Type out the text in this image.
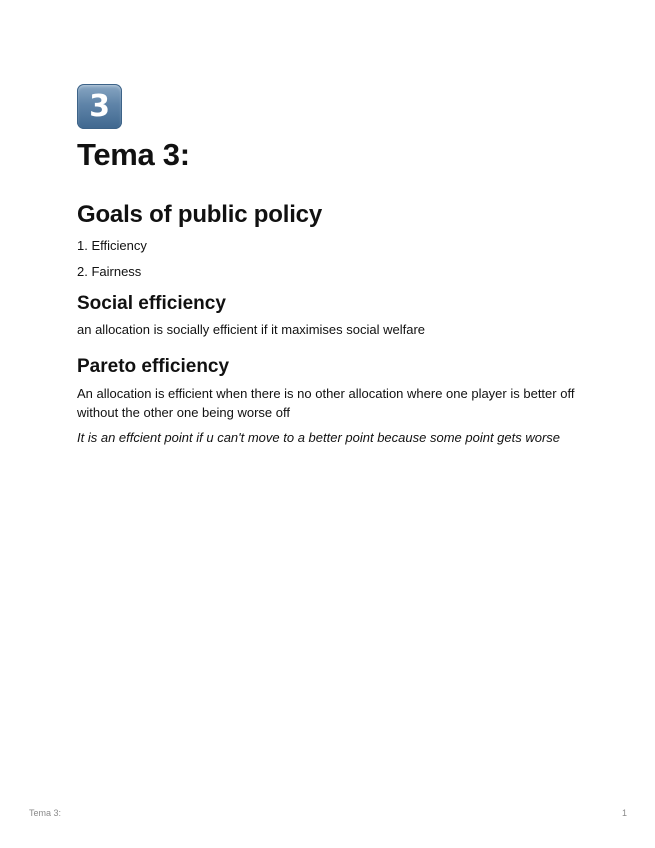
3
Tema 3:
Goals of public policy
1. Efficiency
2. Fairness
Social efficiency

an allocation is socially efficient if it maximises social welfare

Pareto efficiency

An allocation is efficient when there is no other allocation where one player is better off without the other one being worse off

It is an effcient point if u can't move to a better point because some point gets worse

Tema 3:	1
